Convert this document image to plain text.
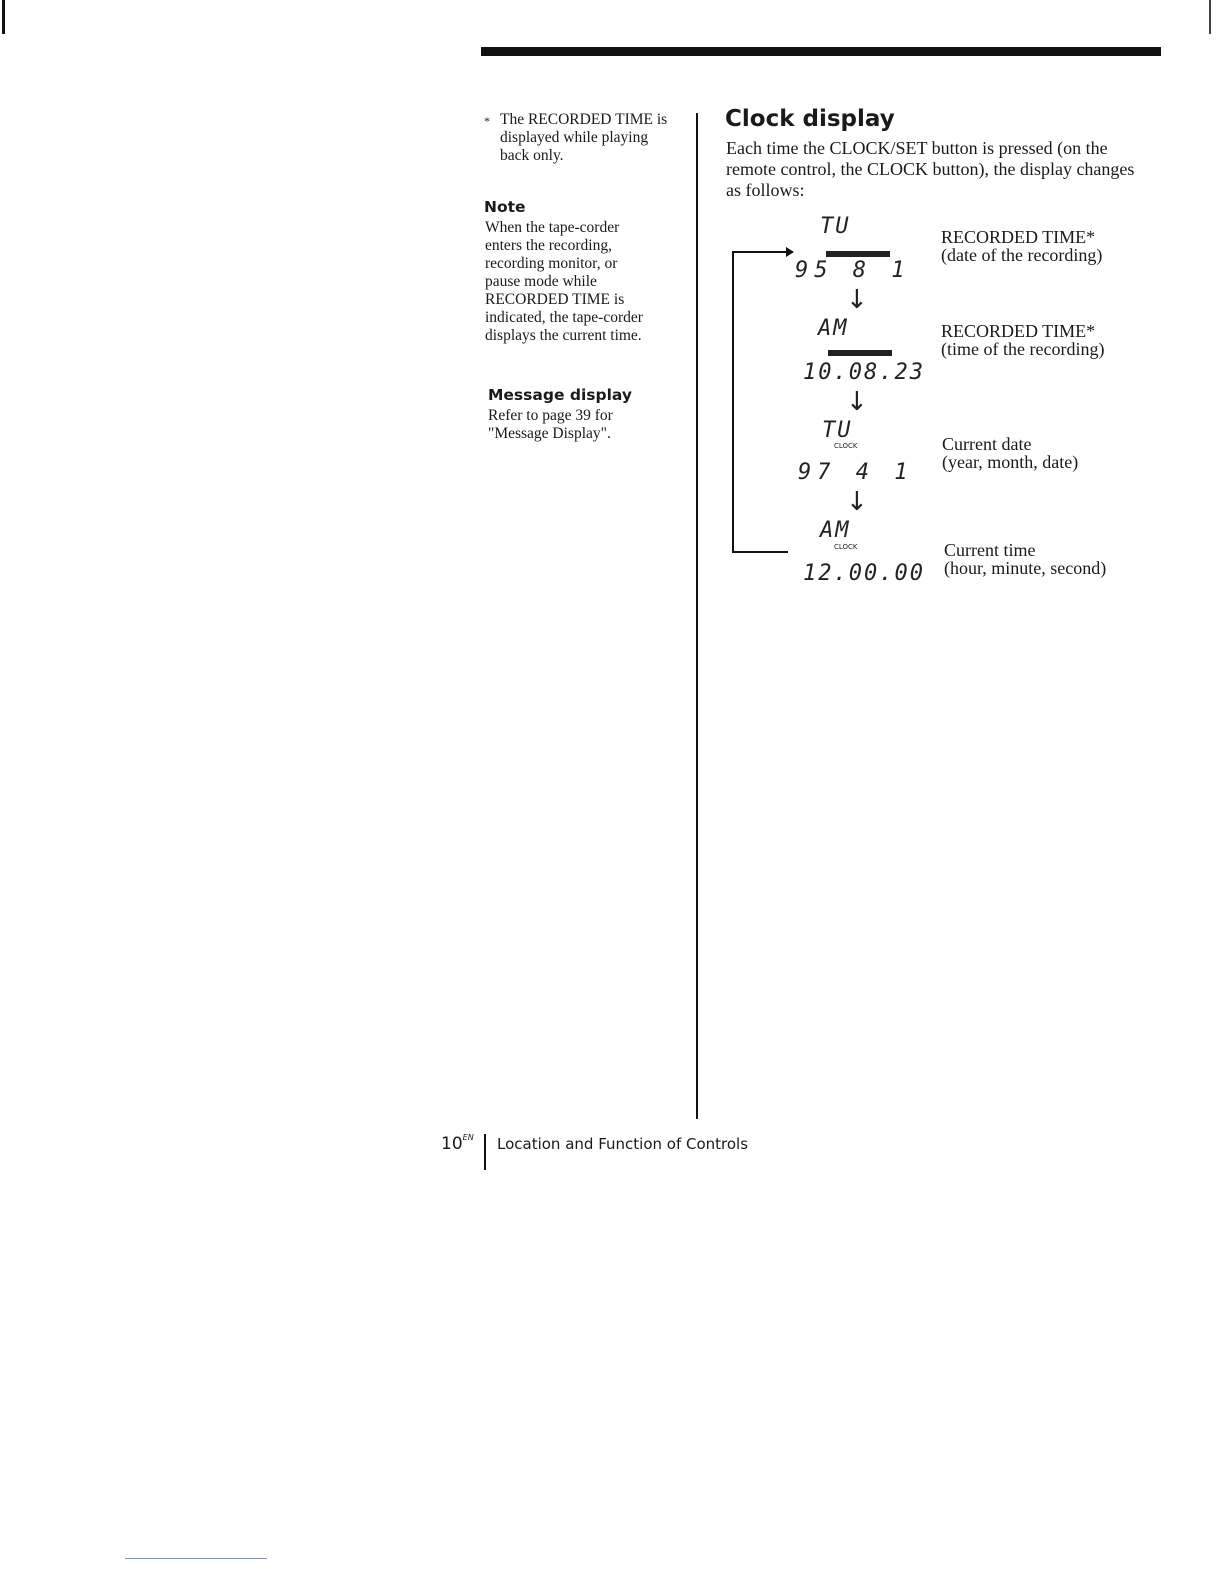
* The RECORDED TIME is displayed while playing back only.
Note
When the tape-corder enters the recording, recording monitor, or pause mode while RECORDED TIME is indicated, the tape-corder displays the current time.
Message display
Refer to page 39 for "Message Display".
Clock display
Each time the CLOCK/SET button is pressed (on the remote control, the CLOCK button), the display changes as follows:
TU
95 8 1
↓
RECORDED TIME*
(date of the recording)
AM
10.08.23
↓
RECORDED TIME*
(time of the recording)
TU
CLOCK
97 4 1
↓
Current date
(year, month, date)
AM
CLOCK
12.00.00
Current time
(hour, minute, second)
$10^{EN}$ Location and Function of Controls
